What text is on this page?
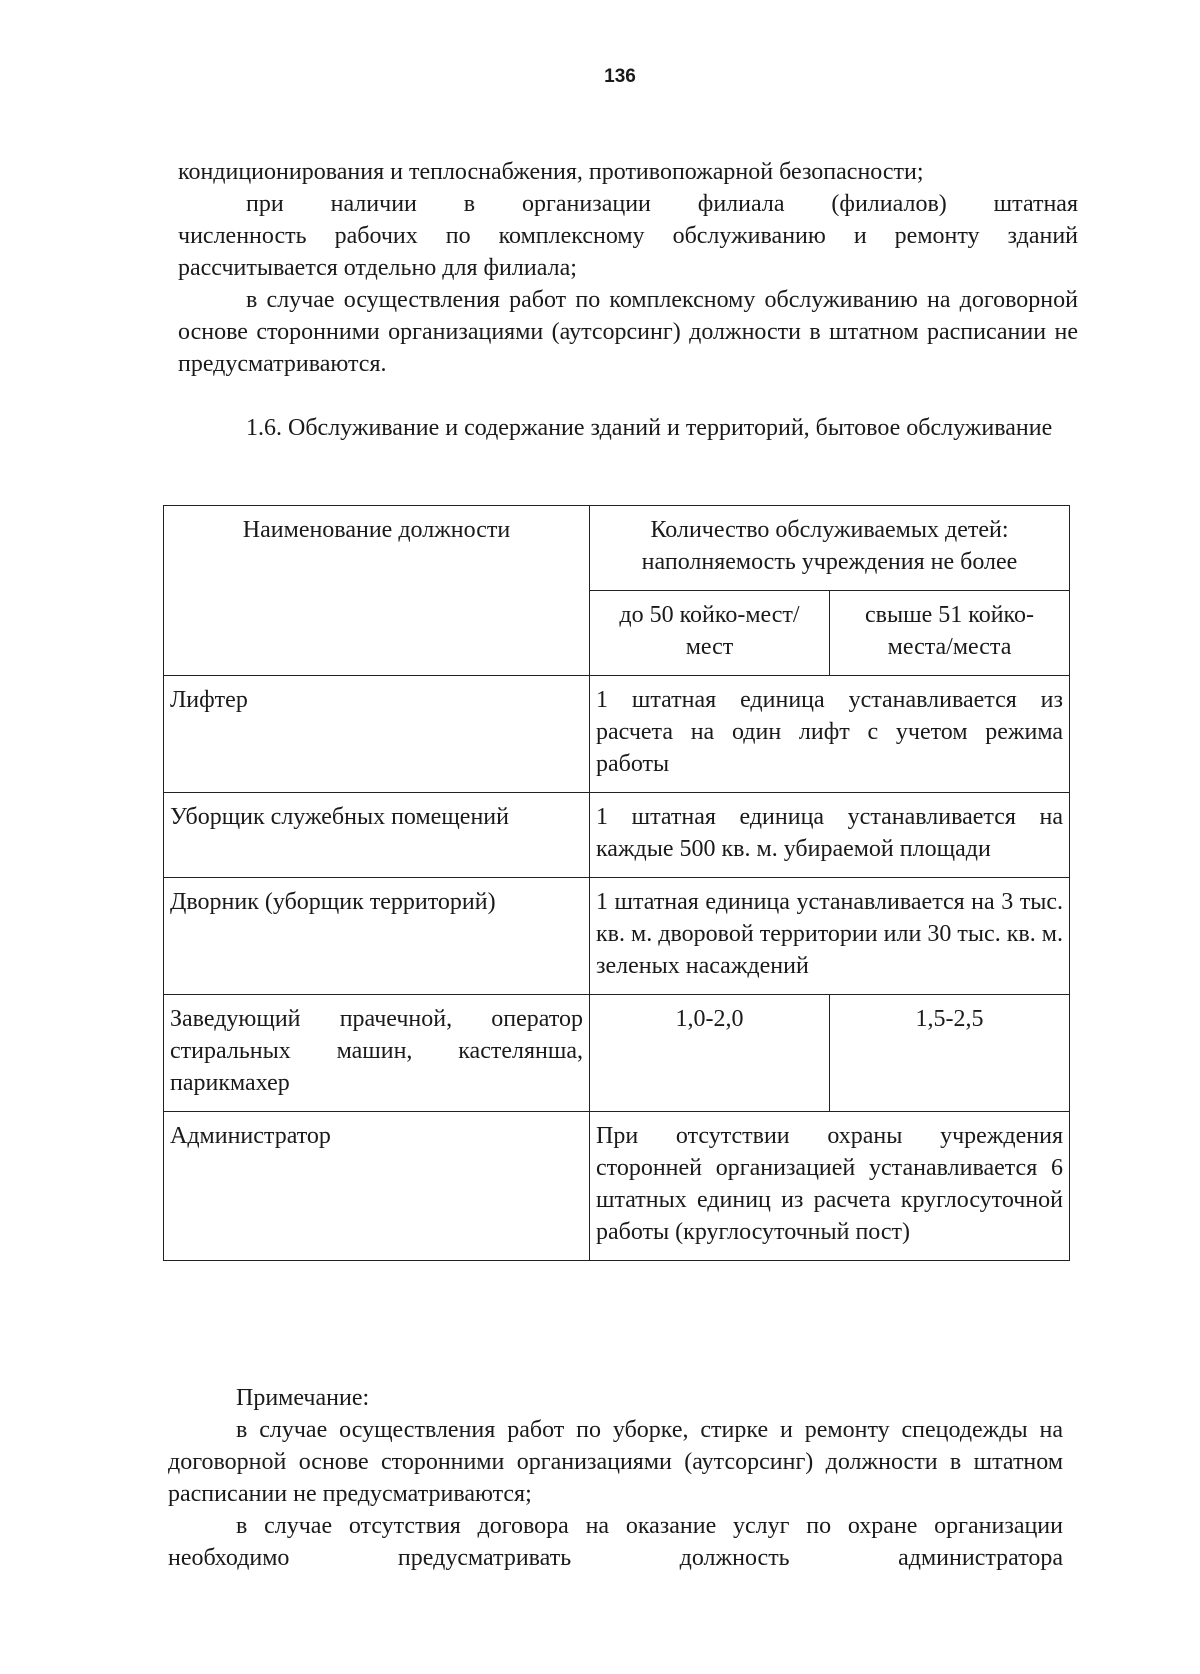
136

кондиционирования и теплоснабжения, противопожарной безопасности;

при наличии в организации филиала (филиалов) штатная

численность рабочих по комплексному обслуживанию и ремонту зданий рассчитывается отдельно для филиала;

в случае осуществления работ по комплексному обслуживанию на договорной основе сторонними организациями (аутсорсинг) должности в штатном расписании не предусматриваются.

1.6. Обслуживание и содержание зданий и территорий, бытовое обслуживание

Наименование должности	Количество обслуживаемых детей: наполняемость учреждения не более	
	до 50 койко-мест/мест	свыше 51 койко-места/места
Лифтер	1 штатная единица устанавливается из расчета на один лифт с учетом режима работы	
Уборщик служебных помещений	1 штатная единица устанавливается на каждые 500 кв. м. убираемой площади	
Дворник (уборщик территорий)	1 штатная единица устанавливается на 3 тыс. кв. м. дворовой территории или 30 тыс. кв. м. зеленых насаждений	
Заведующий прачечной, оператор стиральных машин, кастелянша, парикмахер	1,0-2,0	1,5-2,5
Администратор	При отсутствии охраны учреждения сторонней организацией устанавливается 6 штатных единиц из расчета круглосуточной работы (круглосуточный пост)	

Примечание:

в случае осуществления работ по уборке, стирке и ремонту спецодежды на договорной основе сторонними организациями (аутсорсинг) должности в штатном расписании не предусматриваются;

в случае отсутствия договора на оказание услуг по охране организации необходимо предусматривать должность администратора
